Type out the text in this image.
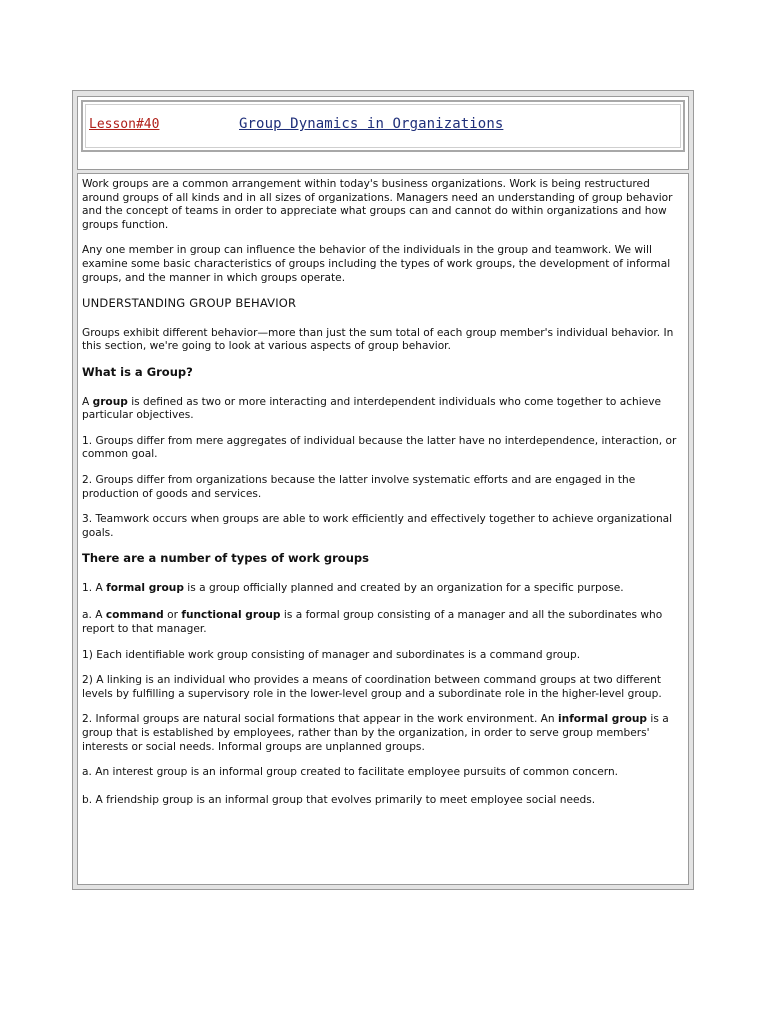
Lesson#40	Group Dynamics in Organizations

Work groups are a common arrangement within today's business organizations. Work is being restructured around groups of all kinds and in all sizes of organizations. Managers need an understanding of group behavior and the concept of teams in order to appreciate what groups can and cannot do within organizations and how groups function.

Any one member in group can influence the behavior of the individuals in the group and teamwork. We will examine some basic characteristics of groups including the types of work groups, the development of informal groups, and the manner in which groups operate.

UNDERSTANDING GROUP BEHAVIOR

Groups exhibit different behavior—more than just the sum total of each group member's individual behavior. In this section, we're going to look at various aspects of group behavior.

What is a Group?

A group is defined as two or more interacting and interdependent individuals who come together to achieve particular objectives.

1. Groups differ from mere aggregates of individual because the latter have no interdependence, interaction, or common goal.

2. Groups differ from organizations because the latter involve systematic efforts and are engaged in the production of goods and services.

3. Teamwork occurs when groups are able to work efficiently and effectively together to achieve organizational goals.

There are a number of types of work groups

1. A formal group is a group officially planned and created by an organization for a specific purpose.

a. A command or functional group is a formal group consisting of a manager and all the subordinates who report to that manager.

1) Each identifiable work group consisting of manager and subordinates is a command group.

2) A linking is an individual who provides a means of coordination between command groups at two different levels by fulfilling a supervisory role in the lower-level group and a subordinate role in the higher-level group.

2. Informal groups are natural social formations that appear in the work environment. An informal group is a group that is established by employees, rather than by the organization, in order to serve group members' interests or social needs. Informal groups are unplanned groups.

a. An interest group is an informal group created to facilitate employee pursuits of common concern.

b. A friendship group is an informal group that evolves primarily to meet employee social needs.
